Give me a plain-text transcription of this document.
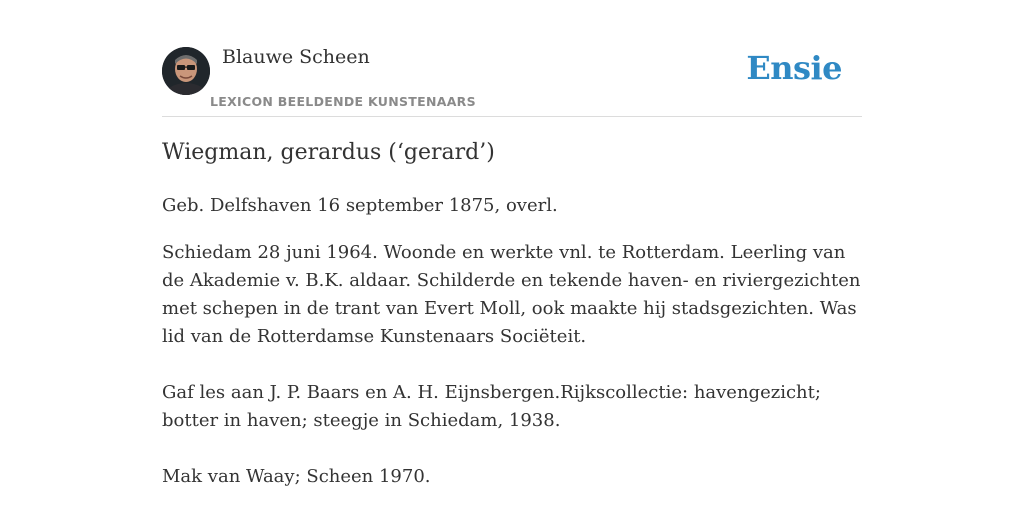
Blauwe Scheen
LEXICON BEELDENDE KUNSTENAARS
Ensie
Wiegman, gerardus (‘gerard’)

Geb. Delfshaven 16 september 1875, overl.

Schiedam 28 juni 1964. Woonde en werkte vnl. te Rotterdam. Leerling van de Akademie v. B.K. aldaar. Schilderde en tekende haven- en riviergezichten met schepen in de trant van Evert Moll, ook maakte hij stadsgezichten. Was lid van de Rotterdamse Kunstenaars Sociëteit.

Gaf les aan J. P. Baars en A. H. Eijnsbergen.Rijkscollectie: havengezicht; botter in haven; steegje in Schiedam, 1938.

Mak van Waay; Scheen 1970.
